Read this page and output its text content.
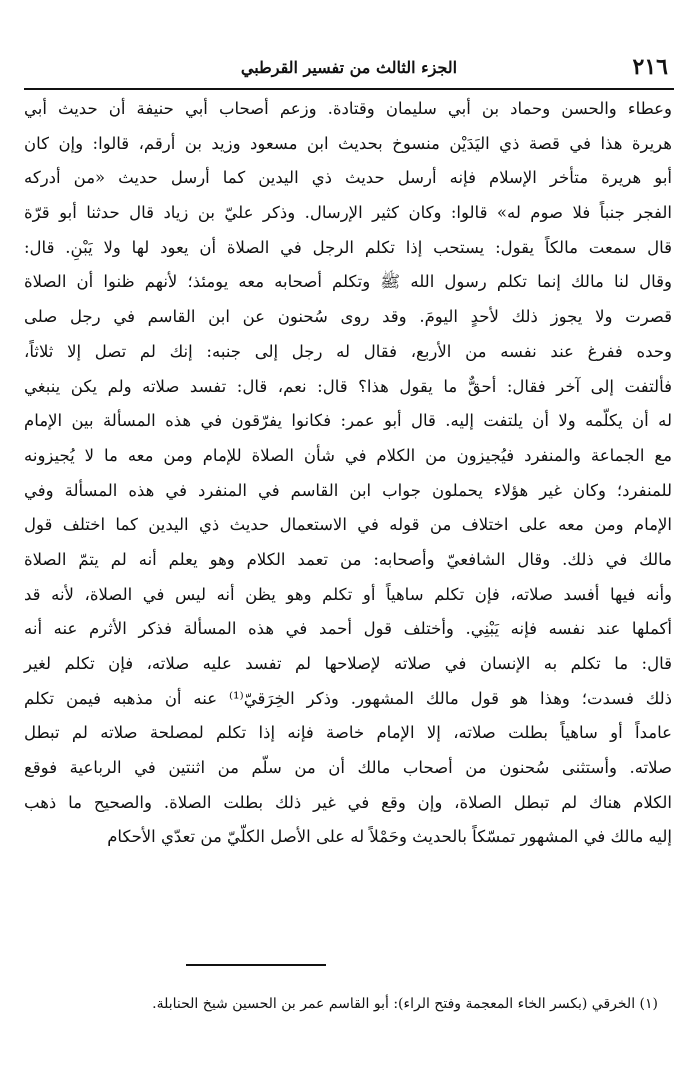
٢١٦
الجزء الثالث من تفسير القرطبي
وعطاء والحسن وحماد بن أبي سليمان وقتادة. وزعم أصحاب أبي حنيفة أن حديث أبي
هريرة هذا في قصة ذي اليَدَيْن منسوخ بحديث ابن مسعود وزيد بن أرقم، قالوا: وإن كان
أبو هريرة متأخر الإسلام فإنه أرسل حديث ذي اليدين كما أرسل حديث «من أدركه
الفجر جنباً فلا صوم له» قالوا: وكان كثير الإرسال. وذكر عليّ بن زياد قال حدثنا أبو قرّة
قال سمعت مالكاً يقول: يستحب إذا تكلم الرجل في الصلاة أن يعود لها ولا يَبْنِ. قال:
وقال لنا مالك إنما تكلم رسول الله ﷺ وتكلم أصحابه معه يومئذ؛ لأنهم ظنوا أن الصلاة
قصرت ولا يجوز ذلك لأحدٍ اليومَ. وقد روى سُحنون عن ابن القاسم في رجل صلى
وحده ففرغ عند نفسه من الأربع، فقال له رجل إلى جنبه: إنك لم تصل إلا ثلاثاً،
فألتفت إلى آخر فقال: أحقٌّ ما يقول هذا؟ قال: نعم، قال: تفسد صلاته ولم يكن ينبغي
له أن يكلّمه ولا أن يلتفت إليه. قال أبو عمر: فكانوا يفرّقون في هذه المسألة بين الإمام
مع الجماعة والمنفرد فيُجيزون من الكلام في شأن الصلاة للإمام ومن معه ما لا يُجيزونه
للمنفرد؛ وكان غير هؤلاء يحملون جواب ابن القاسم في المنفرد في هذه المسألة وفي
الإمام ومن معه على اختلاف من قوله في الاستعمال حديث ذي اليدين كما اختلف قول
مالك في ذلك. وقال الشافعيّ وأصحابه: من تعمد الكلام وهو يعلم أنه لم يتمّ الصلاة
وأنه فيها أفسد صلاته، فإن تكلم ساهياً أو تكلم وهو يظن أنه ليس في الصلاة، لأنه قد
أكملها عند نفسه فإنه يَبْنِي. وأختلف قول أحمد في هذه المسألة فذكر الأثرم عنه أنه
قال: ما تكلم به الإنسان في صلاته لإصلاحها لم تفسد عليه صلاته، فإن تكلم لغير
ذلك فسدت؛ وهذا هو قول مالك المشهور. وذكر الخِرَقيّ⁽¹⁾ عنه أن مذهبه فيمن تكلم
عامداً أو ساهياً بطلت صلاته، إلا الإمام خاصة فإنه إذا تكلم لمصلحة صلاته لم تبطل
صلاته. وأستثنى سُحنون من أصحاب مالك أن من سلّم من اثنتين في الرباعية فوقع
الكلام هناك لم تبطل الصلاة، وإن وقع في غير ذلك بطلت الصلاة. والصحيح ما ذهب
إليه مالك في المشهور تمسّكاً بالحديث وحَمْلاً له على الأصل الكلّيّ من تعدّي الأحكام
(١) الخرقي (بكسر الخاء المعجمة وفتح الراء): أبو القاسم عمر بن الحسين شيخ الحنابلة.
